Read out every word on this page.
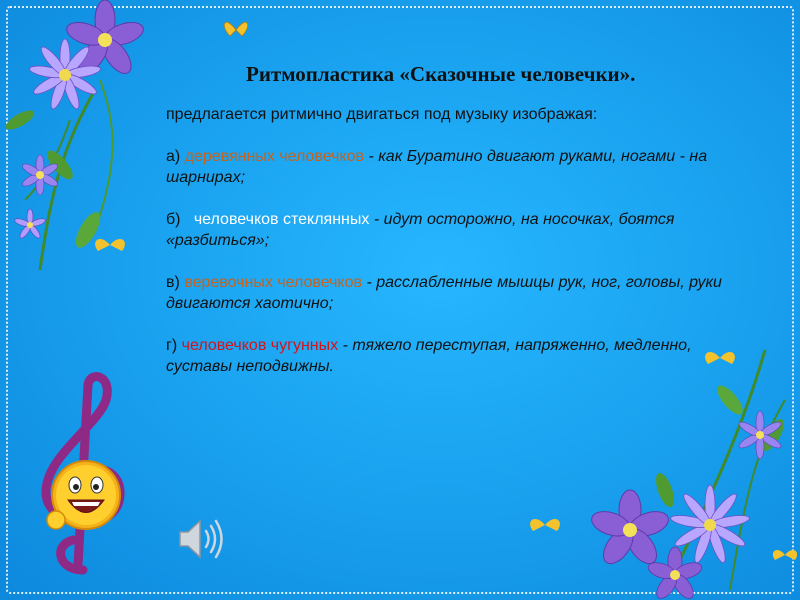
Ритмопластика «Сказочные человечки».

предлагается ритмично двигаться под музыку изображая:

а) деревянных человечков - как Буратино двигают руками, ногами - на шарнирах;

б)   человечков стеклянных - идут осторожно, на носочках, боятся «разбиться»;

в) веревочных человечков - расслабленные мышцы рук, ног, головы, руки двигаются хаотично;

г) человечков чугунных - тяжело переступая, напряженно, медленно, суставы неподвижны.
